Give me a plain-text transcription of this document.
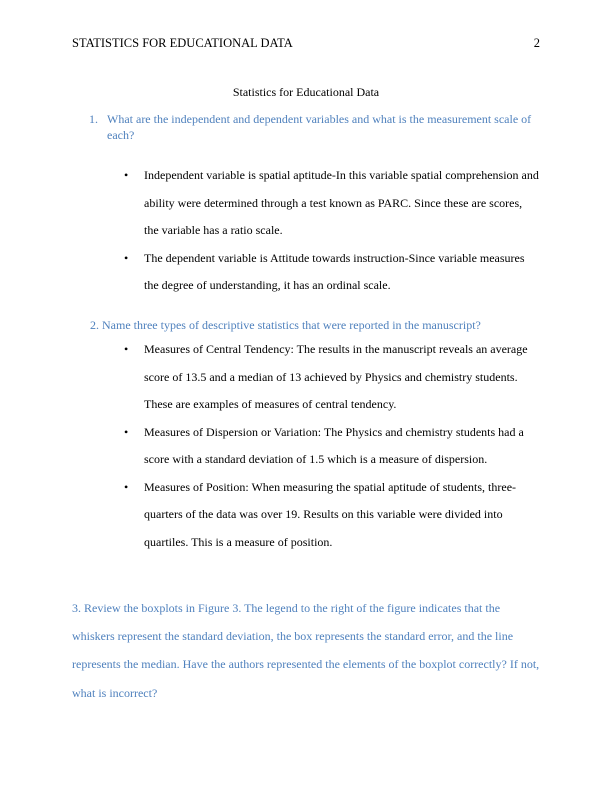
STATISTICS FOR EDUCATIONAL DATA	2
Statistics for Educational Data
1. What are the independent and dependent variables and what is the measurement scale of each?
• Independent variable is spatial aptitude-In this variable spatial comprehension and ability were determined through a test known as PARC. Since these are scores, the variable has a ratio scale.
• The dependent variable is Attitude towards instruction-Since variable measures the degree of understanding, it has an ordinal scale.
2. Name three types of descriptive statistics that were reported in the manuscript?
• Measures of Central Tendency: The results in the manuscript reveals an average score of 13.5 and a median of 13 achieved by Physics and chemistry students. These are examples of measures of central tendency.
• Measures of Dispersion or Variation: The Physics and chemistry students had a score with a standard deviation of 1.5 which is a measure of dispersion.
• Measures of Position: When measuring the spatial aptitude of students, three-quarters of the data was over 19. Results on this variable were divided into quartiles. This is a measure of position.
3. Review the boxplots in Figure 3. The legend to the right of the figure indicates that the whiskers represent the standard deviation, the box represents the standard error, and the line represents the median. Have the authors represented the elements of the boxplot correctly? If not, what is incorrect?
